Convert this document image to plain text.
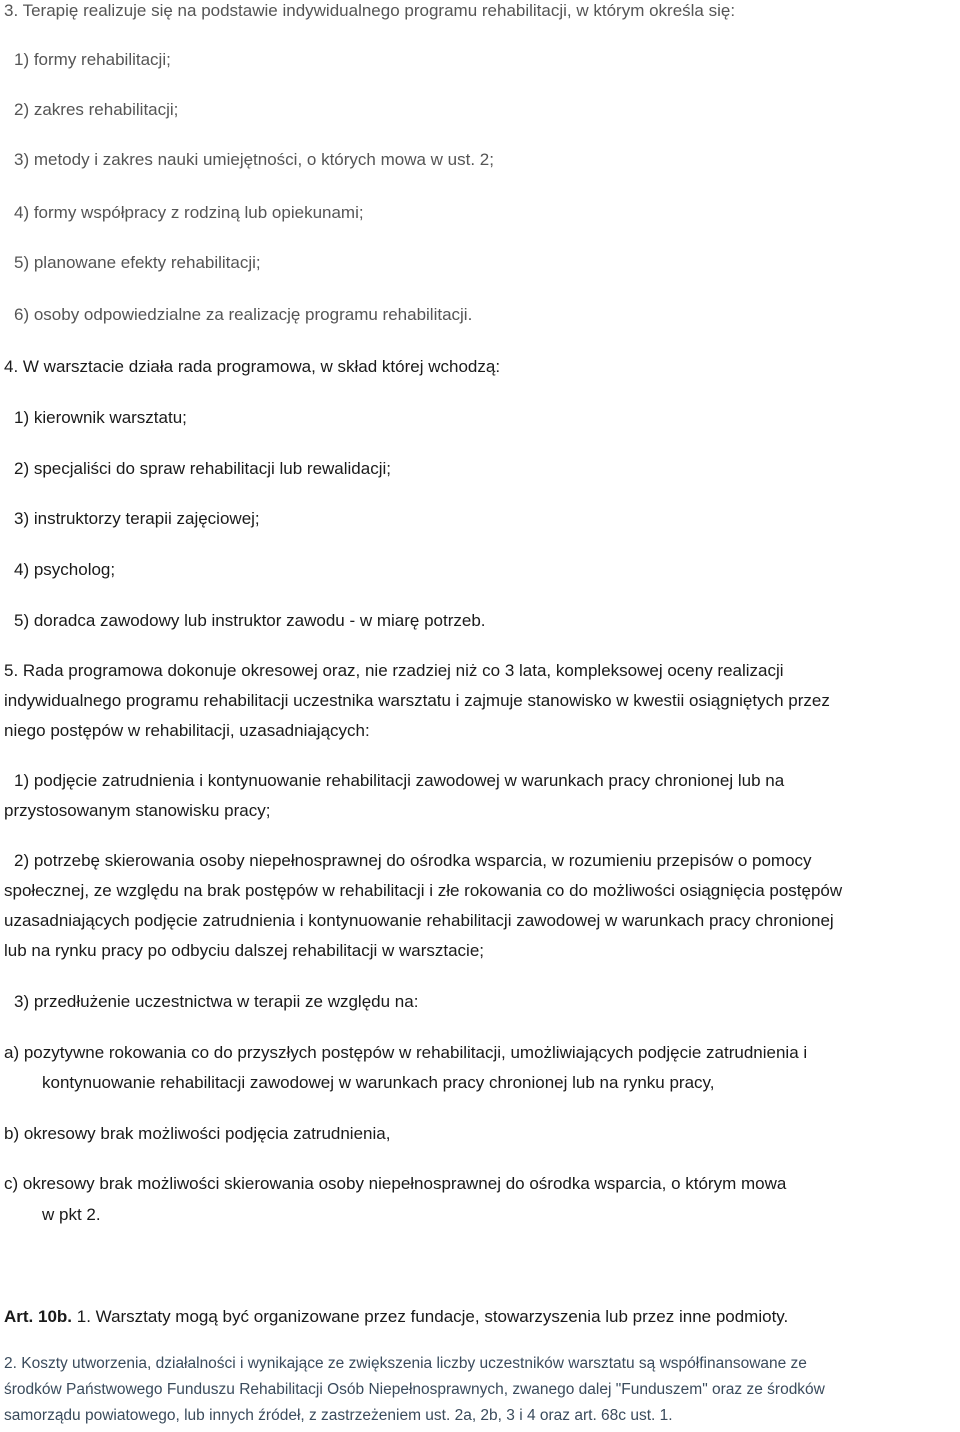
3. Terapię realizuje się na podstawie indywidualnego programu rehabilitacji, w którym określa się:
1) formy rehabilitacji;
2) zakres rehabilitacji;
3) metody i zakres nauki umiejętności, o których mowa w ust. 2;
4) formy współpracy z rodziną lub opiekunami;
5) planowane efekty rehabilitacji;
6) osoby odpowiedzialne za realizację programu rehabilitacji.
4. W warsztacie działa rada programowa, w skład której wchodzą:
1) kierownik warsztatu;
2) specjaliści do spraw rehabilitacji lub rewalidacji;
3) instruktorzy terapii zajęciowej;
4) psycholog;
5) doradca zawodowy lub instruktor zawodu - w miarę potrzeb.
5. Rada programowa dokonuje okresowej oraz, nie rzadziej niż co 3 lata, kompleksowej oceny realizacji
indywidualnego programu rehabilitacji uczestnika warsztatu i zajmuje stanowisko w kwestii osiągniętych przez
niego postępów w rehabilitacji, uzasadniających:
1) podjęcie zatrudnienia i kontynuowanie rehabilitacji zawodowej w warunkach pracy chronionej lub na
przystosowanym stanowisku pracy;
2) potrzebę skierowania osoby niepełnosprawnej do ośrodka wsparcia, w rozumieniu przepisów o pomocy
społecznej, ze względu na brak postępów w rehabilitacji i złe rokowania co do możliwości osiągnięcia postępów
uzasadniających podjęcie zatrudnienia i kontynuowanie rehabilitacji zawodowej w warunkach pracy chronionej
lub na rynku pracy po odbyciu dalszej rehabilitacji w warsztacie;
3) przedłużenie uczestnictwa w terapii ze względu na:
a) pozytywne rokowania co do przyszłych postępów w rehabilitacji, umożliwiających podjęcie zatrudnienia i
kontynuowanie rehabilitacji zawodowej w warunkach pracy chronionej lub na rynku pracy,
b) okresowy brak możliwości podjęcia zatrudnienia,
c) okresowy brak możliwości skierowania osoby niepełnosprawnej do ośrodka wsparcia, o którym mowa
w pkt 2.
Art. 10b. 1. Warsztaty mogą być organizowane przez fundacje, stowarzyszenia lub przez inne podmioty.
2. Koszty utworzenia, działalności i wynikające ze zwiększenia liczby uczestników warsztatu są współfinansowane ze
środków Państwowego Funduszu Rehabilitacji Osób Niepełnosprawnych, zwanego dalej "Funduszem" oraz ze środków
samorządu powiatowego, lub innych źródeł, z zastrzeżeniem ust. 2a, 2b, 3 i 4 oraz art. 68c ust. 1.
